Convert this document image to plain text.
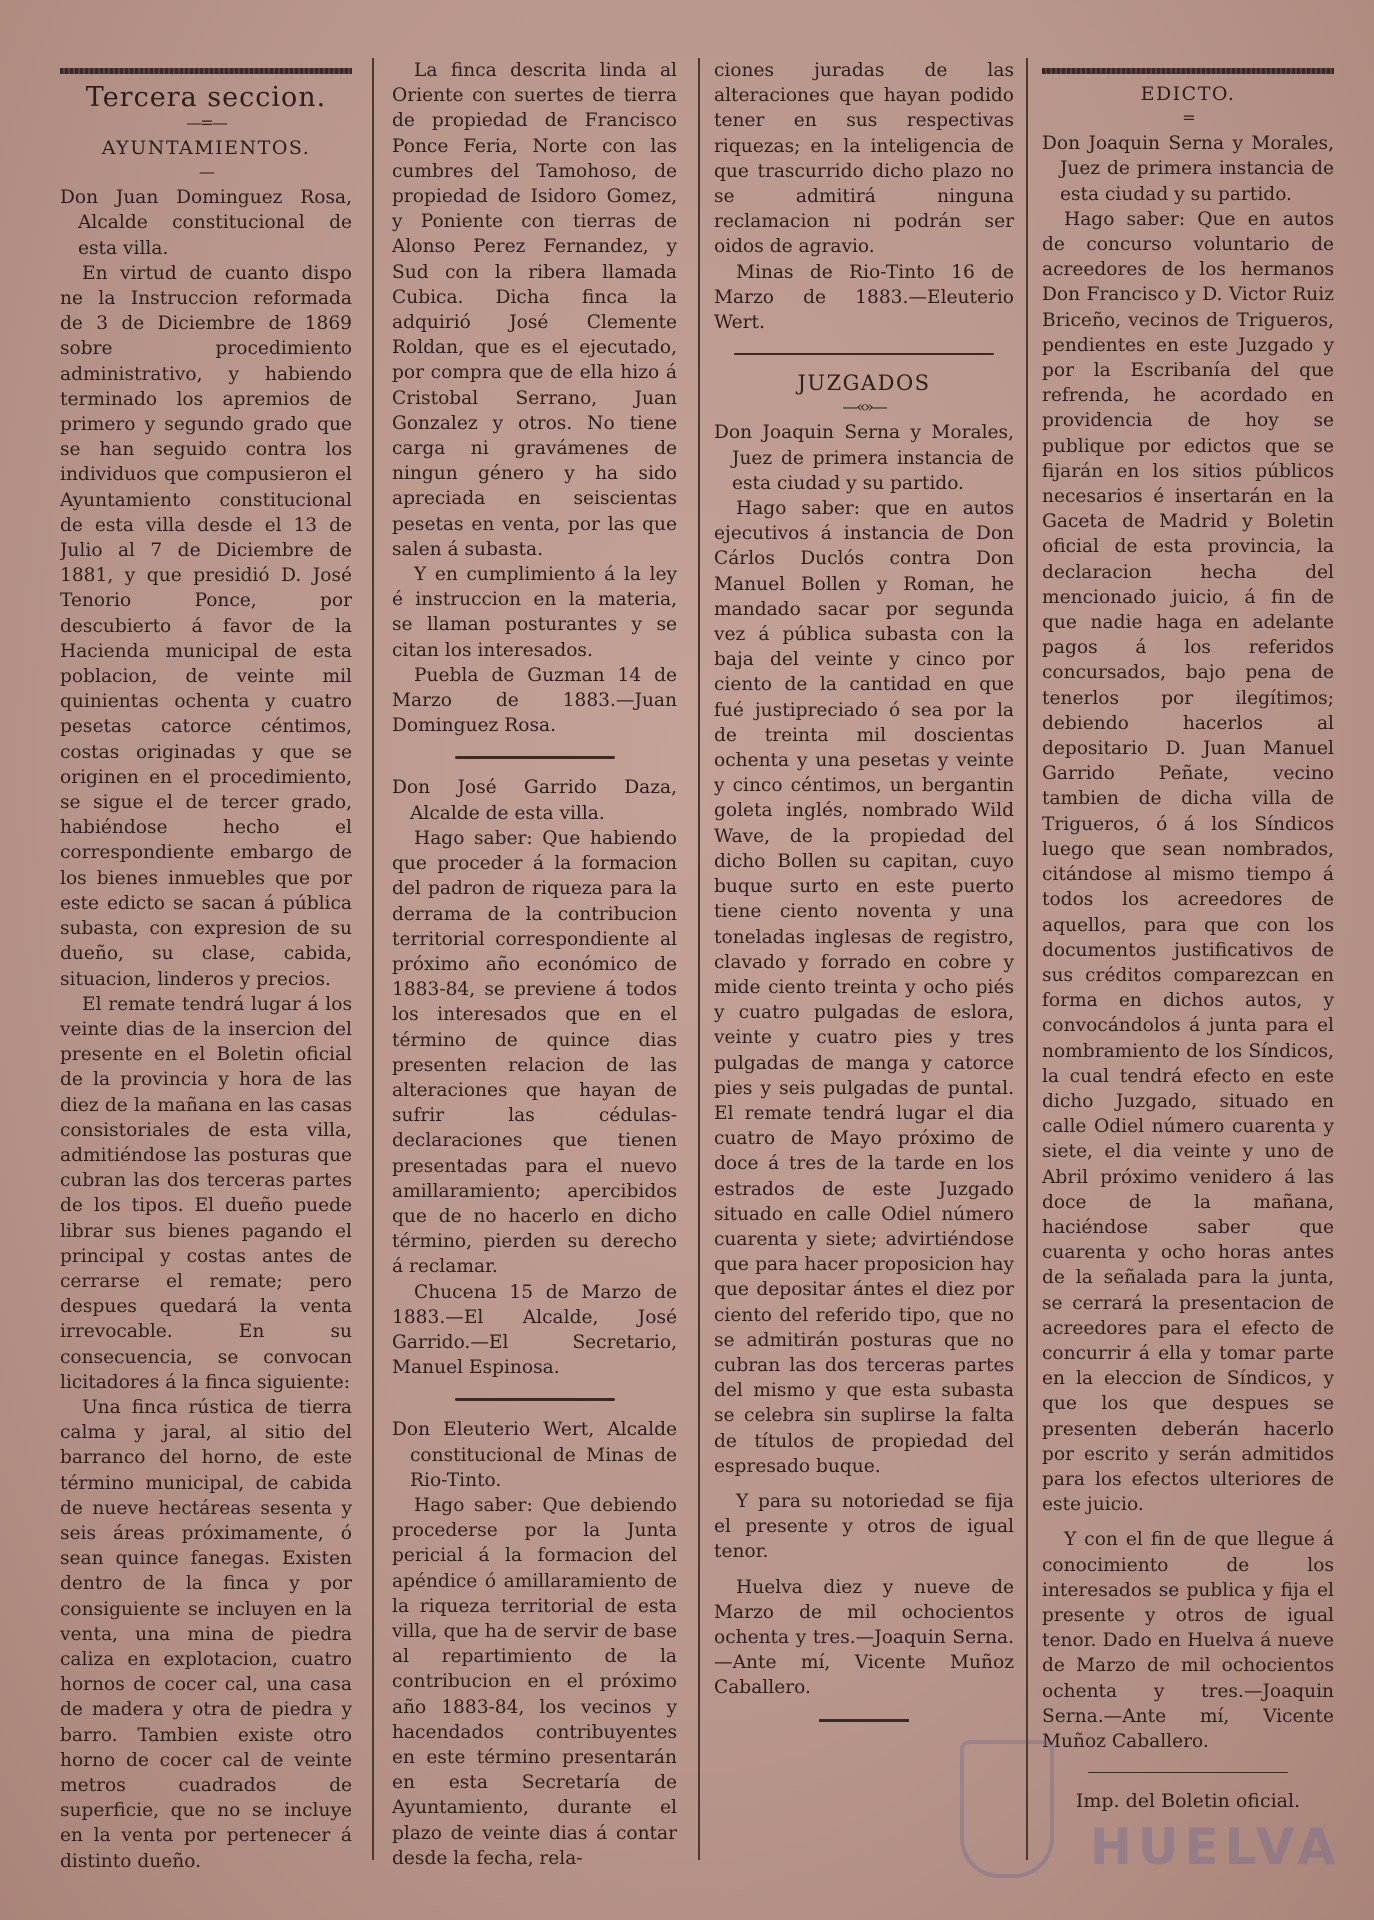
Tercera seccion.
—=—
AYUNTAMIENTOS.
—

Don Juan Dominguez Rosa, Alcalde constitucional de esta villa.

En virtud de cuanto dispo ne la Instruccion reformada de 3 de Diciembre de 1869 sobre procedimiento administrativo, y habiendo terminado los apremios de primero y segundo grado que se han seguido contra los individuos que compusieron el Ayuntamiento constitucional de esta villa desde el 13 de Julio al 7 de Diciembre de 1881, y que presidió D. José Tenorio Ponce, por descubierto á favor de la Hacienda municipal de esta poblacion, de veinte mil quinientas ochenta y cuatro pesetas catorce céntimos, costas originadas y que se originen en el procedimiento, se sigue el de tercer grado, habiéndose hecho el correspondiente embargo de los bienes inmuebles que por este edicto se sacan á pública subasta, con expresion de su dueño, su clase, cabida, situacion, linderos y precios.

El remate tendrá lugar á los veinte dias de la insercion del presente en el Boletin oficial de la provincia y hora de las diez de la mañana en las casas consistoriales de esta villa, admitiéndose las posturas que cubran las dos terceras partes de los tipos. El dueño puede librar sus bienes pagando el principal y costas antes de cerrarse el remate; pero despues quedará la venta irrevocable. En su consecuencia, se convocan licitadores á la finca siguiente:

Una finca rústica de tierra calma y jaral, al sitio del barranco del horno, de este término municipal, de cabida de nueve hectáreas sesenta y seis áreas próximamente, ó sean quince fanegas. Existen dentro de la finca y por consiguiente se incluyen en la venta, una mina de piedra caliza en explotacion, cuatro hornos de cocer cal, una casa de madera y otra de piedra y barro. Tambien existe otro horno de cocer cal de veinte metros cuadrados de superficie, que no se incluye en la venta por pertenecer á distinto dueño.

La finca descrita linda al Oriente con suertes de tierra de propiedad de Francisco Ponce Feria, Norte con las cumbres del Tamohoso, de propiedad de Isidoro Gomez, y Poniente con tierras de Alonso Perez Fernandez, y Sud con la ribera llamada Cubica. Dicha finca la adquirió José Clemente Roldan, que es el ejecutado, por compra que de ella hizo á Cristobal Serrano, Juan Gonzalez y otros. No tiene carga ni gravámenes de ningun género y ha sido apreciada en seiscientas pesetas en venta, por las que salen á subasta.

Y en cumplimiento á la ley é instruccion en la materia, se llaman posturantes y se citan los interesados.

Puebla de Guzman 14 de Marzo de 1883.—Juan Dominguez Rosa.

Don José Garrido Daza, Alcalde de esta villa.

Hago saber: Que habiendo que proceder á la formacion del padron de riqueza para la derrama de la contribucion territorial correspondiente al próximo año económico de 1883-84, se previene á todos los interesados que en el término de quince dias presenten relacion de las alteraciones que hayan de sufrir las cédulas-declaraciones que tienen presentadas para el nuevo amillaramiento; apercibidos que de no hacerlo en dicho término, pierden su derecho á reclamar.

Chucena 15 de Marzo de 1883.—El Alcalde, José Garrido.—El Secretario, Manuel Espinosa.

Don Eleuterio Wert, Alcalde constitucional de Minas de Rio-Tinto.

Hago saber: Que debiendo procederse por la Junta pericial á la formacion del apéndice ó amillaramiento de la riqueza territorial de esta villa, que ha de servir de base al repartimiento de la contribucion en el próximo año 1883-84, los vecinos y hacendados contribuyentes en este término presentarán en esta Secretaría de Ayuntamiento, durante el plazo de veinte dias á contar desde la fecha, rela-

ciones juradas de las alteraciones que hayan podido tener en sus respectivas riquezas; en la inteligencia de que trascurrido dicho plazo no se admitirá ninguna reclamacion ni podrán ser oidos de agravio.

Minas de Rio-Tinto 16 de Marzo de 1883.—Eleuterio Wert.

JUZGADOS
—«»—

Don Joaquin Serna y Morales, Juez de primera instancia de esta ciudad y su partido.

Hago saber: que en autos ejecutivos á instancia de Don Cárlos Duclós contra Don Manuel Bollen y Roman, he mandado sacar por segunda vez á pública subasta con la baja del veinte y cinco por ciento de la cantidad en que fué justipreciado ó sea por la de treinta mil doscientas ochenta y una pesetas y veinte y cinco céntimos, un bergantin goleta inglés, nombrado Wild Wave, de la propiedad del dicho Bollen su capitan, cuyo buque surto en este puerto tiene ciento noventa y una toneladas inglesas de registro, clavado y forrado en cobre y mide ciento treinta y ocho piés y cuatro pulgadas de eslora, veinte y cuatro pies y tres pulgadas de manga y catorce pies y seis pulgadas de puntal. El remate tendrá lugar el dia cuatro de Mayo próximo de doce á tres de la tarde en los estrados de este Juzgado situado en calle Odiel número cuarenta y siete; advirtiéndose que para hacer proposicion hay que depositar ántes el diez por ciento del referido tipo, que no se admitirán posturas que no cubran las dos terceras partes del mismo y que esta subasta se celebra sin suplirse la falta de títulos de propiedad del espresado buque.

Y para su notoriedad se fija el presente y otros de igual tenor.

Huelva diez y nueve de Marzo de mil ochocientos ochenta y tres.—Joaquin Serna.—Ante mí, Vicente Muñoz Caballero.

EDICTO.
=

Don Joaquin Serna y Morales, Juez de primera instancia de esta ciudad y su partido.

Hago saber: Que en autos de concurso voluntario de acreedores de los hermanos Don Francisco y D. Victor Ruiz Briceño, vecinos de Trigueros, pendientes en este Juzgado y por la Escribanía del que refrenda, he acordado en providencia de hoy se publique por edictos que se fijarán en los sitios públicos necesarios é insertarán en la Gaceta de Madrid y Boletin oficial de esta provincia, la declaracion hecha del mencionado juicio, á fin de que nadie haga en adelante pagos á los referidos concursados, bajo pena de tenerlos por ilegítimos; debiendo hacerlos al depositario D. Juan Manuel Garrido Peñate, vecino tambien de dicha villa de Trigueros, ó á los Síndicos luego que sean nombrados, citándose al mismo tiempo á todos los acreedores de aquellos, para que con los documentos justificativos de sus créditos comparezcan en forma en dichos autos, y convocándolos á junta para el nombramiento de los Síndicos, la cual tendrá efecto en este dicho Juzgado, situado en calle Odiel número cuarenta y siete, el dia veinte y uno de Abril próximo venidero á las doce de la mañana, haciéndose saber que cuarenta y ocho horas antes de la señalada para la junta, se cerrará la presentacion de acreedores para el efecto de concurrir á ella y tomar parte en la eleccion de Síndicos, y que los que despues se presenten deberán hacerlo por escrito y serán admitidos para los efectos ulteriores de este juicio.

Y con el fin de que llegue á conocimiento de los interesados se publica y fija el presente y otros de igual tenor. Dado en Huelva á nueve de Marzo de mil ochocientos ochenta y tres.—Joaquin Serna.—Ante mí, Vicente Muñoz Caballero.

Imp. del Boletin oficial.
HUELVA
